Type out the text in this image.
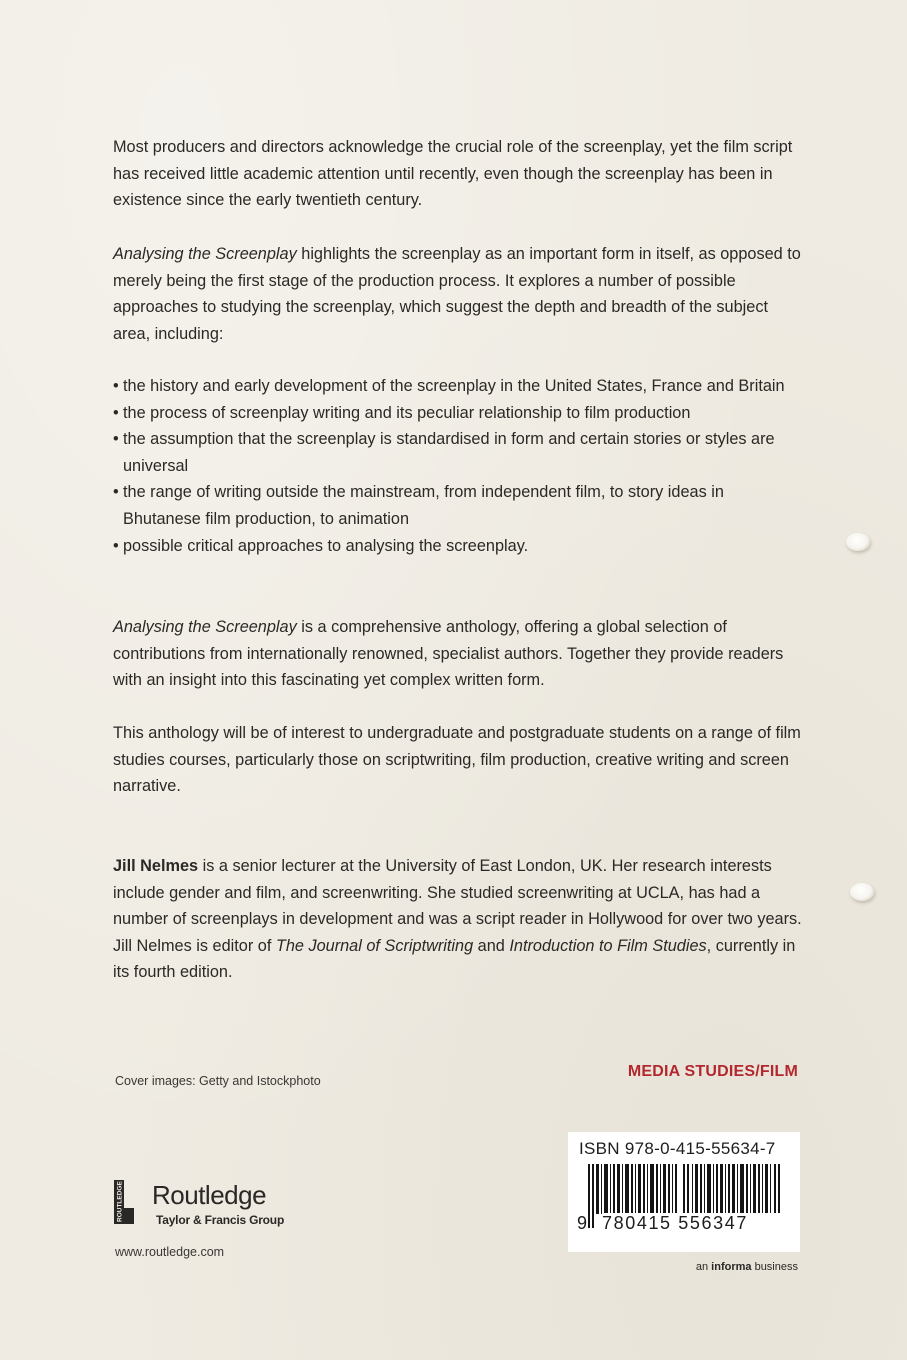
Most producers and directors acknowledge the crucial role of the screenplay, yet the film script has received little academic attention until recently, even though the screenplay has been in existence since the early twentieth century.

Analysing the Screenplay highlights the screenplay as an important form in itself, as opposed to merely being the first stage of the production process. It explores a number of possible approaches to studying the screenplay, which suggest the depth and breadth of the subject area, including:

• the history and early development of the screenplay in the United States, France and Britain
• the process of screenplay writing and its peculiar relationship to film production
• the assumption that the screenplay is standardised in form and certain stories or styles are universal
• the range of writing outside the mainstream, from independent film, to story ideas in Bhutanese film production, to animation
• possible critical approaches to analysing the screenplay.

Analysing the Screenplay is a comprehensive anthology, offering a global selection of contributions from internationally renowned, specialist authors. Together they provide readers with an insight into this fascinating yet complex written form.

This anthology will be of interest to undergraduate and postgraduate students on a range of film studies courses, particularly those on scriptwriting, film production, creative writing and screen narrative.

Jill Nelmes is a senior lecturer at the University of East London, UK. Her research interests include gender and film, and screenwriting. She studied screenwriting at UCLA, has had a number of screenplays in development and was a script reader in Hollywood for over two years. Jill Nelmes is editor of The Journal of Scriptwriting and Introduction to Film Studies, currently in its fourth edition.

MEDIA STUDIES/FILM
Cover images: Getty and Istockphoto
ROUTLEDGE Routledge
Taylor & Francis Group
www.routledge.com
ISBN 978-0-415-55634-7
9 780415 556347
an informa business
